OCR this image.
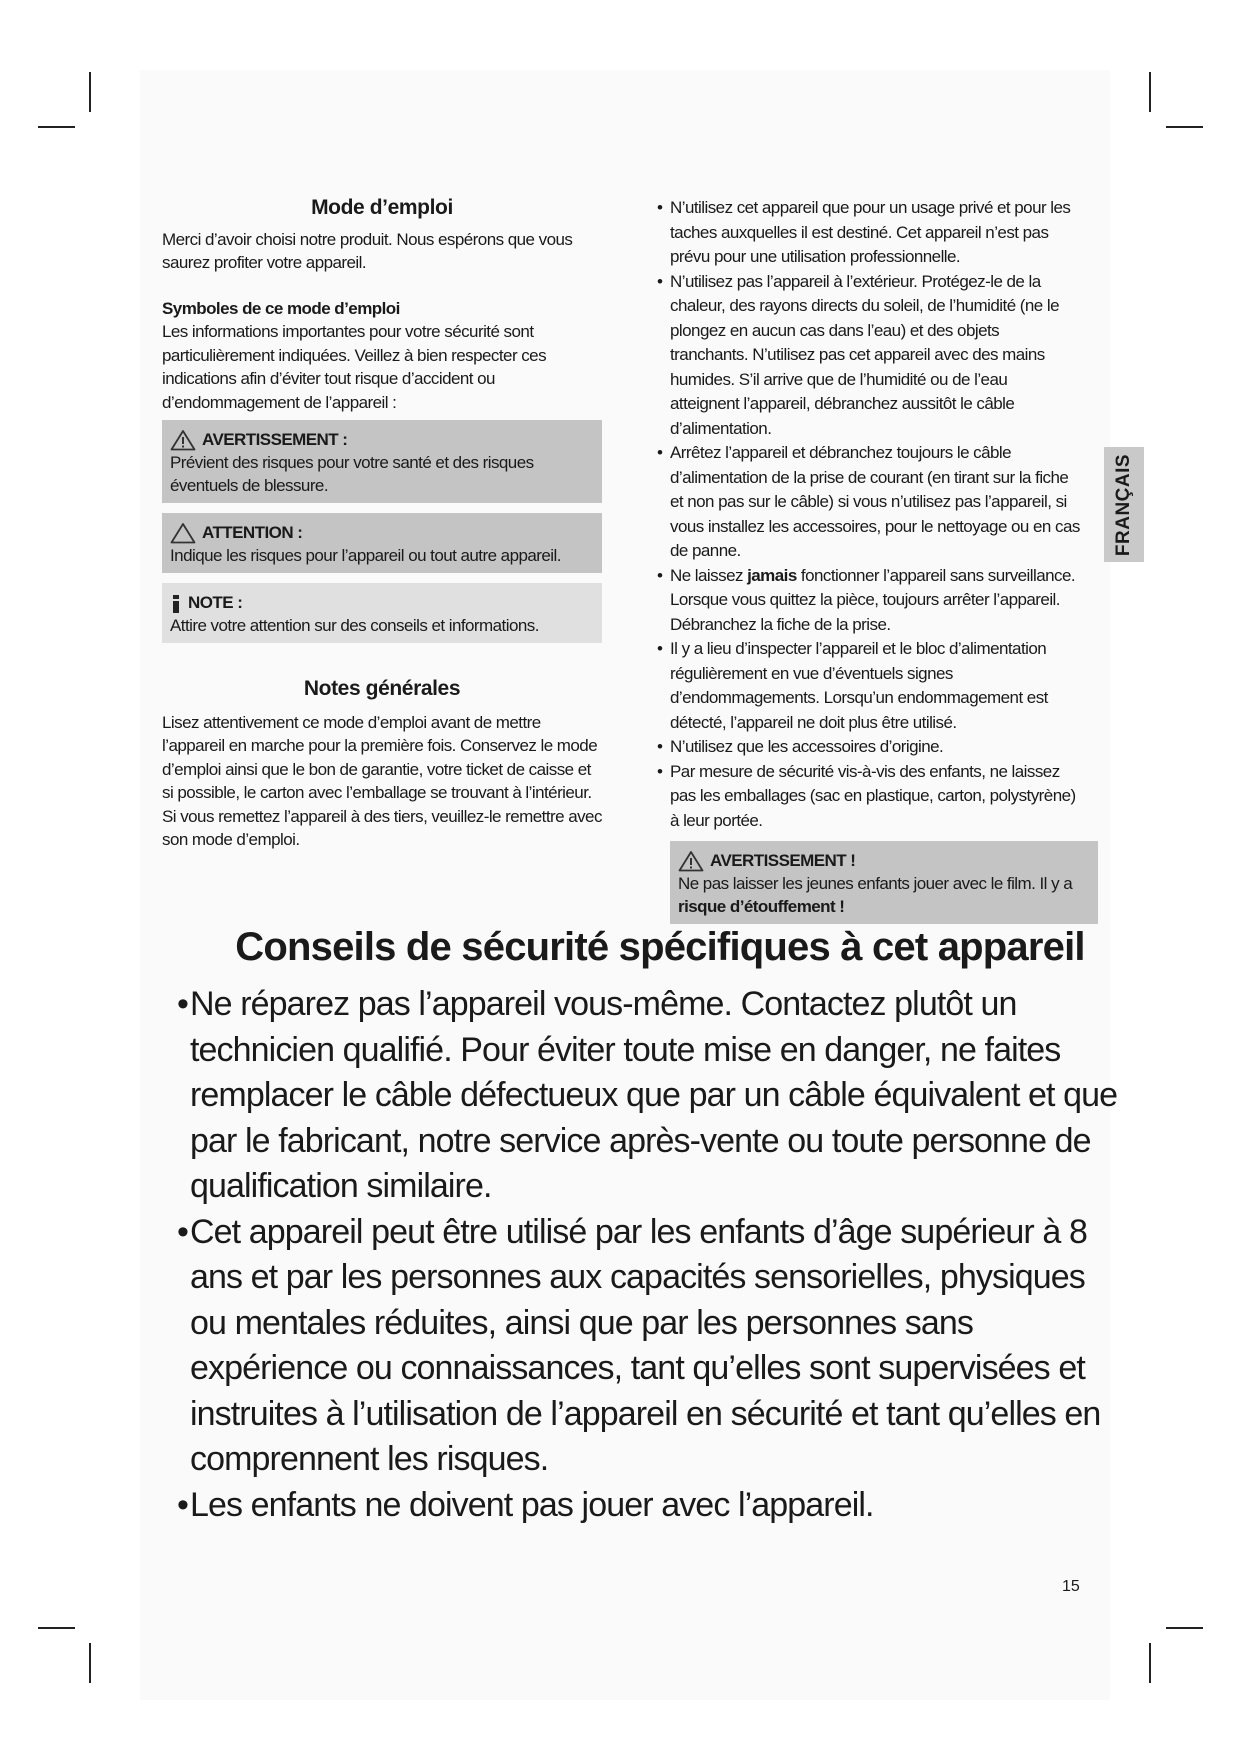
Mode d’emploi

Merci d’avoir choisi notre produit. Nous espérons que vous saurez profiter votre appareil.

Symboles de ce mode d’emploi

Les informations importantes pour votre sécurité sont particulièrement indiquées. Veillez à bien respecter ces indications afin d’éviter tout risque d’accident ou d’endommagement de l’appareil :

AVERTISSEMENT :

Prévient des risques pour votre santé et des risques éventuels de blessure.

ATTENTION :

Indique les risques pour l’appareil ou tout autre appareil.

NOTE :

Attire votre attention sur des conseils et informations.

Notes générales

Lisez attentivement ce mode d’emploi avant de mettre l’appareil en marche pour la première fois. Conservez le mode d’emploi ainsi que le bon de garantie, votre ticket de caisse et si possible, le carton avec l’emballage se trouvant à l’intérieur. Si vous remettez l’appareil à des tiers, veuillez-le remettre avec son mode d’emploi.

• N’utilisez cet appareil que pour un usage privé et pour les taches auxquelles il est destiné. Cet appareil n’est pas prévu pour une utilisation professionnelle.
• N’utilisez pas l’appareil à l’extérieur. Protégez-le de la chaleur, des rayons directs du soleil, de l’humidité (ne le plongez en aucun cas dans l’eau) et des objets tranchants. N’utilisez pas cet appareil avec des mains humides. S’il arrive que de l’humidité ou de l’eau atteignent l’appareil, débranchez aussitôt le câble d’alimentation.
• Arrêtez l’appareil et débranchez toujours le câble d’alimentation de la prise de courant (en tirant sur la fiche et non pas sur le câble) si vous n’utilisez pas l’appareil, si vous installez les accessoires, pour le nettoyage ou en cas de panne.
• Ne laissez jamais fonctionner l’appareil sans surveillance. Lorsque vous quittez la pièce, toujours arrêter l’appareil. Débranchez la fiche de la prise.
• Il y a lieu d’inspecter l’appareil et le bloc d’alimentation régulièrement en vue d’éventuels signes d’endommagements. Lorsqu’un endommagement est détecté, l’appareil ne doit plus être utilisé.
• N’utilisez que les accessoires d’origine.
• Par mesure de sécurité vis-à-vis des enfants, ne laissez pas les emballages (sac en plastique, carton, polystyrène) à leur portée.
AVERTISSEMENT !

Ne pas laisser les jeunes enfants jouer avec le film. Il y a risque d’étouffement !

FRANÇAIS
Conseils de sécurité spécifiques à cet appareil
•Ne réparez pas l’appareil vous-même. Contactez plutôt un technicien qualifié. Pour éviter toute mise en danger, ne faites remplacer le câble défectueux que par un câble équivalent et que par le fabricant, notre service après-vente ou toute personne de qualification similaire.
•Cet appareil peut être utilisé par les enfants d’âge supérieur à 8 ans et par les personnes aux capacités sensorielles, physiques ou mentales réduites, ainsi que par les personnes sans expérience ou connaissances, tant qu’elles sont supervisées et instruites à l’utilisation de l’appareil en sécurité et tant qu’elles en comprennent les risques.
•Les enfants ne doivent pas jouer avec l’appareil.
15
